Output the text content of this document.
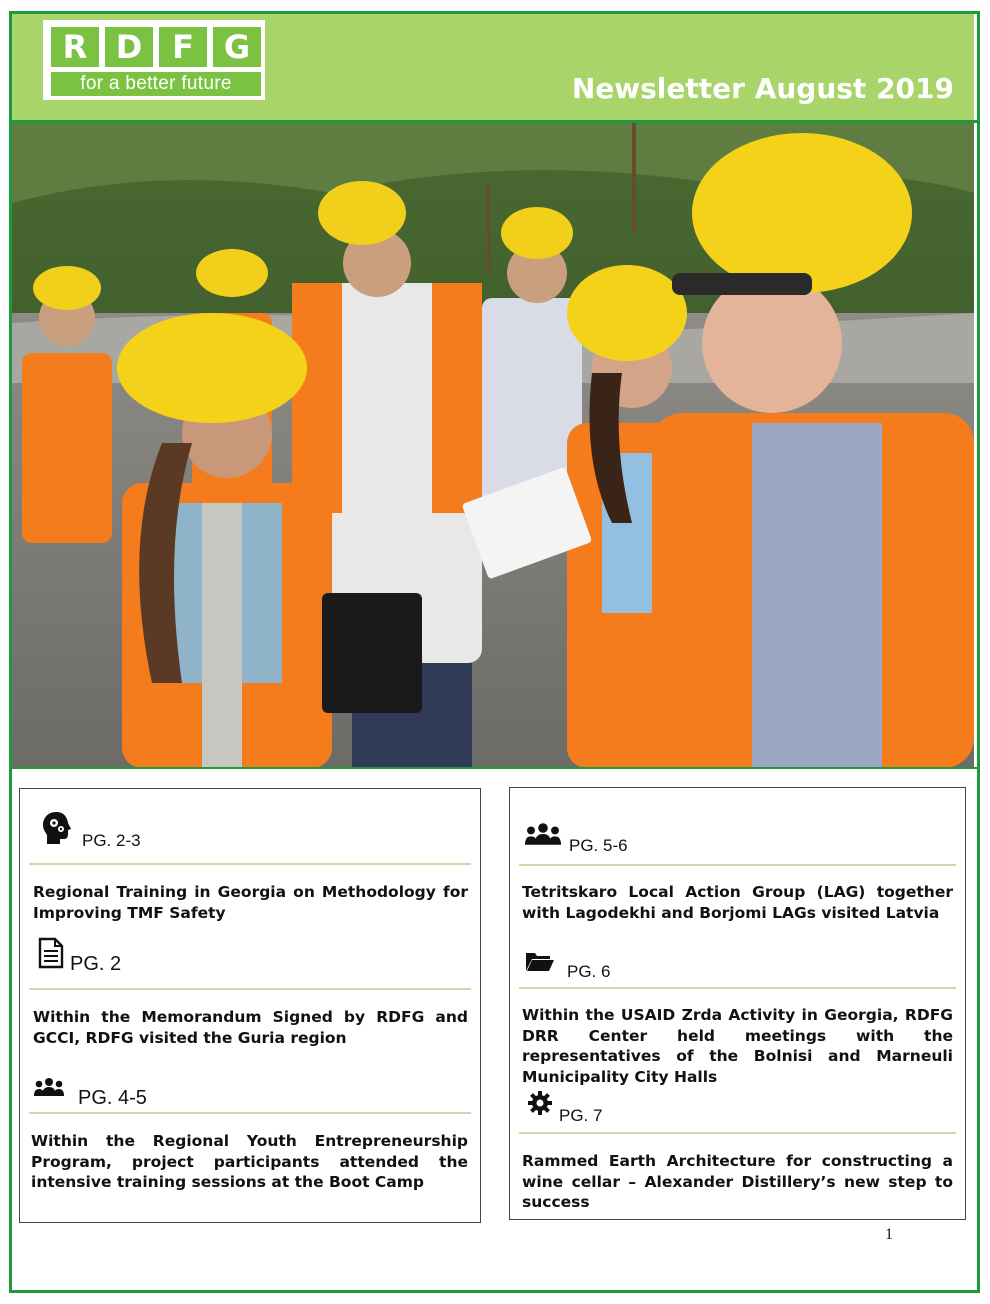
R D F G
for a better future	Newsletter August 2019
PG. 2-3
Regional Training in Georgia on Methodology for Improving TMF Safety
PG. 2
Within the Memorandum Signed by RDFG and GCCI, RDFG visited the Guria region
PG. 4-5
Within the Regional Youth Entrepreneurship Program, project participants attended the intensive training sessions at the Boot Camp
PG. 5-6
Tetritskaro Local Action Group (LAG) together with Lagodekhi and Borjomi LAGs visited Latvia
PG. 6
Within the USAID Zrda Activity in Georgia, RDFG DRR Center held meetings with the representatives of the Bolnisi and Marneuli Municipality City Halls
PG. 7
Rammed Earth Architecture for constructing a wine cellar – Alexander Distillery’s new step to success
1
